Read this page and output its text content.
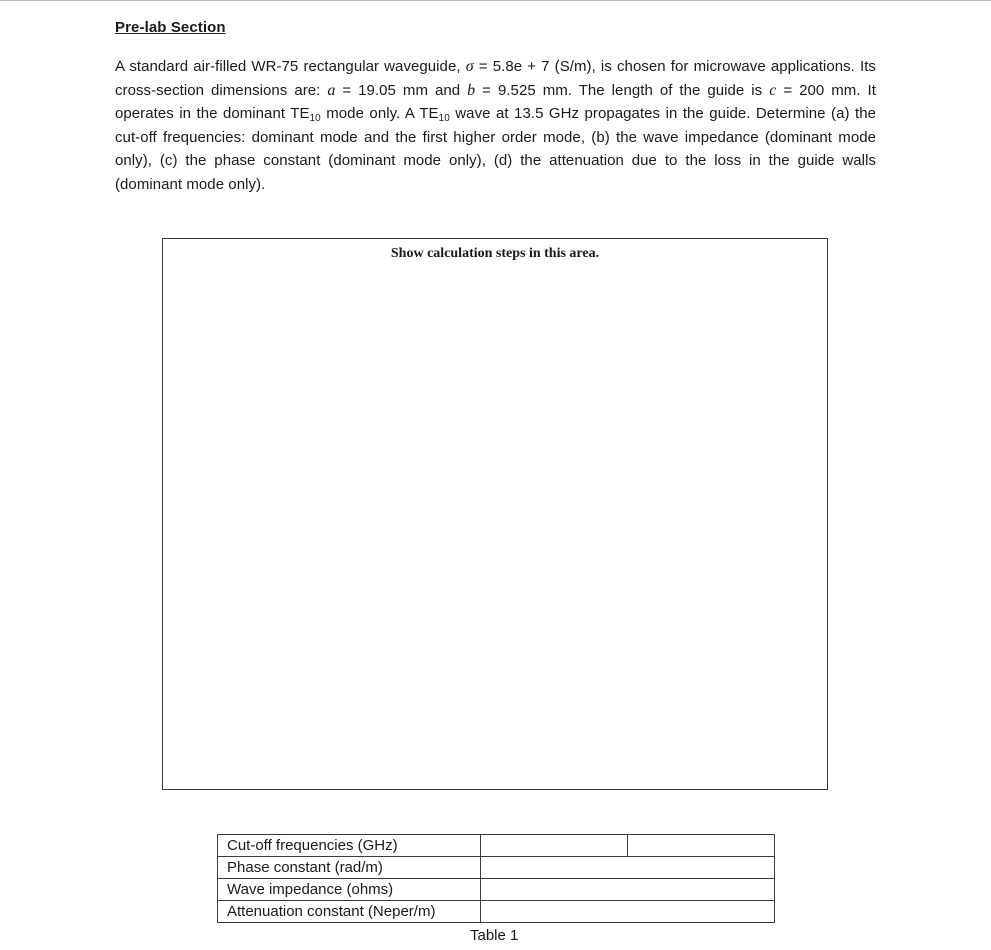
Pre-lab Section
A standard air-filled WR-75 rectangular waveguide, σ = 5.8e + 7 (S/m), is chosen for microwave applications. Its cross-section dimensions are: a = 19.05 mm and b = 9.525 mm. The length of the guide is c = 200 mm. It operates in the dominant $TE_{10}$ mode only. A $TE_{10}$ wave at 13.5 GHz propagates in the guide. Determine (a) the cut-off frequencies: dominant mode and the first higher order mode, (b) the wave impedance (dominant mode only), (c) the phase constant (dominant mode only), (d) the attenuation due to the loss in the guide walls (dominant mode only).
Show calculation steps in this area.
Cut-off frequencies (GHz)		
Phase constant (rad/m)		
Wave impedance (ohms)		
Attenuation constant (Neper/m)		
Table 1
